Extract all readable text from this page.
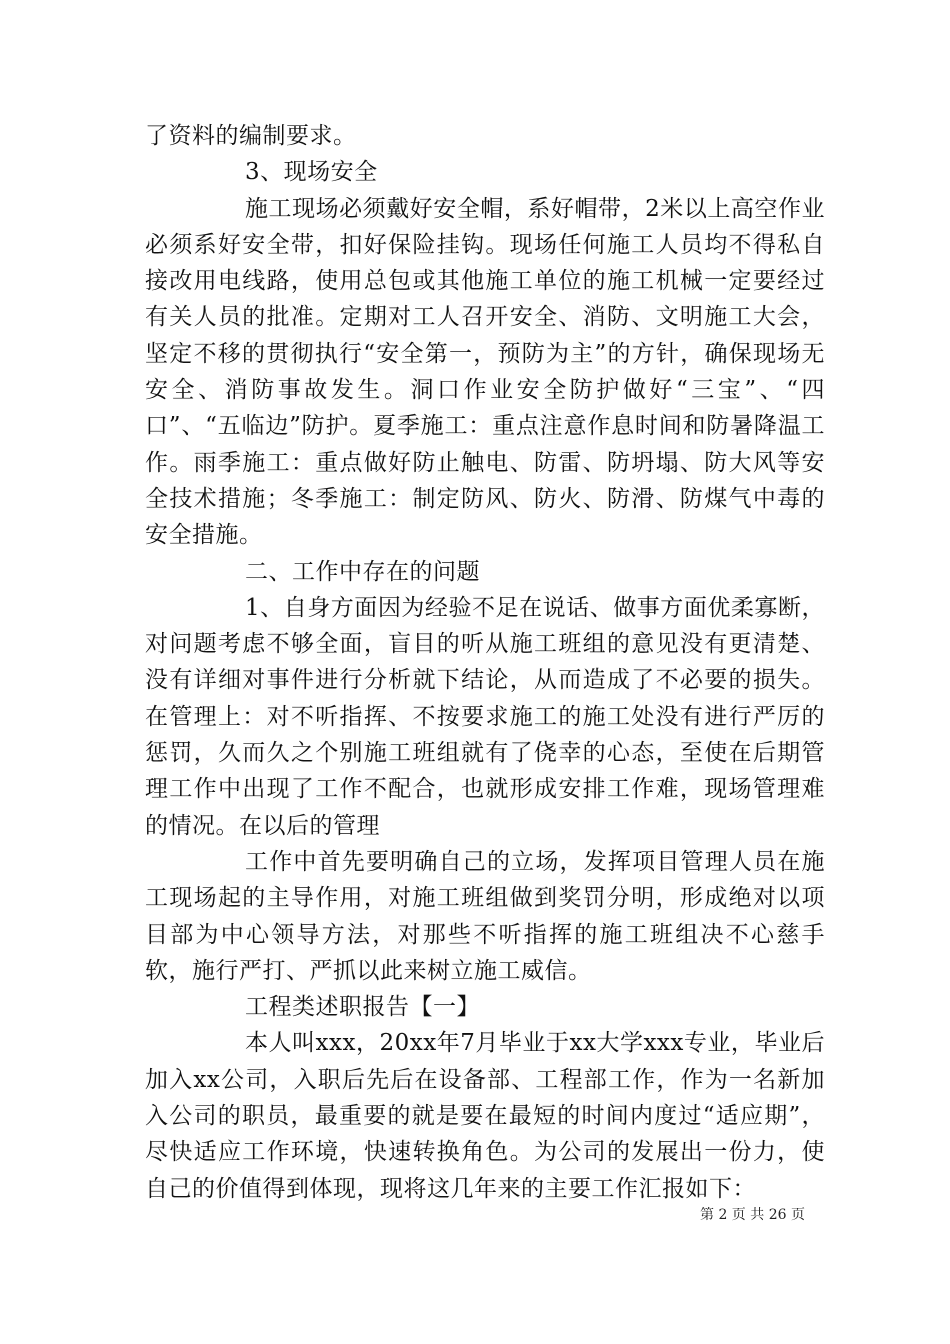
了资料的编制要求。

3、现场安全

施工现场必须戴好安全帽，系好帽带，2米以上高空作业必须系好安全带，扣好保险挂钩。现场任何施工人员均不得私自接改用电线路，使用总包或其他施工单位的施工机械一定要经过有关人员的批准。定期对工人召开安全、消防、文明施工大会，坚定不移的贯彻执行“安全第一，预防为主”的方针，确保现场无安全、消防事故发生。洞口作业安全防护做好“三宝”、“四口”、“五临边”防护。夏季施工：重点注意作息时间和防暑降温工作。雨季施工：重点做好防止触电、防雷、防坍塌、防大风等安全技术措施；冬季施工：制定防风、防火、防滑、防煤气中毒的安全措施。

二、工作中存在的问题

1、自身方面因为经验不足在说话、做事方面优柔寡断，对问题考虑不够全面，盲目的听从施工班组的意见没有更清楚、没有详细对事件进行分析就下结论，从而造成了不必要的损失。在管理上：对不听指挥、不按要求施工的施工处没有进行严厉的惩罚，久而久之个别施工班组就有了侥幸的心态，至使在后期管理工作中出现了工作不配合，也就形成安排工作难，现场管理难的情况。在以后的管理

工作中首先要明确自己的立场，发挥项目管理人员在施工现场起的主导作用，对施工班组做到奖罚分明，形成绝对以项目部为中心领导方法，对那些不听指挥的施工班组决不心慈手软，施行严打、严抓以此来树立施工威信。

工程类述职报告【一】

本人叫xxx，20xx年7月毕业于xx大学xxx专业，毕业后加入xx公司，入职后先后在设备部、工程部工作，作为一名新加入公司的职员，最重要的就是要在最短的时间内度过“适应期”，尽快适应工作环境，快速转换角色。为公司的发展出一份力，使自己的价值得到体现，现将这几年来的主要工作汇报如下：

第 2 页 共 26 页
